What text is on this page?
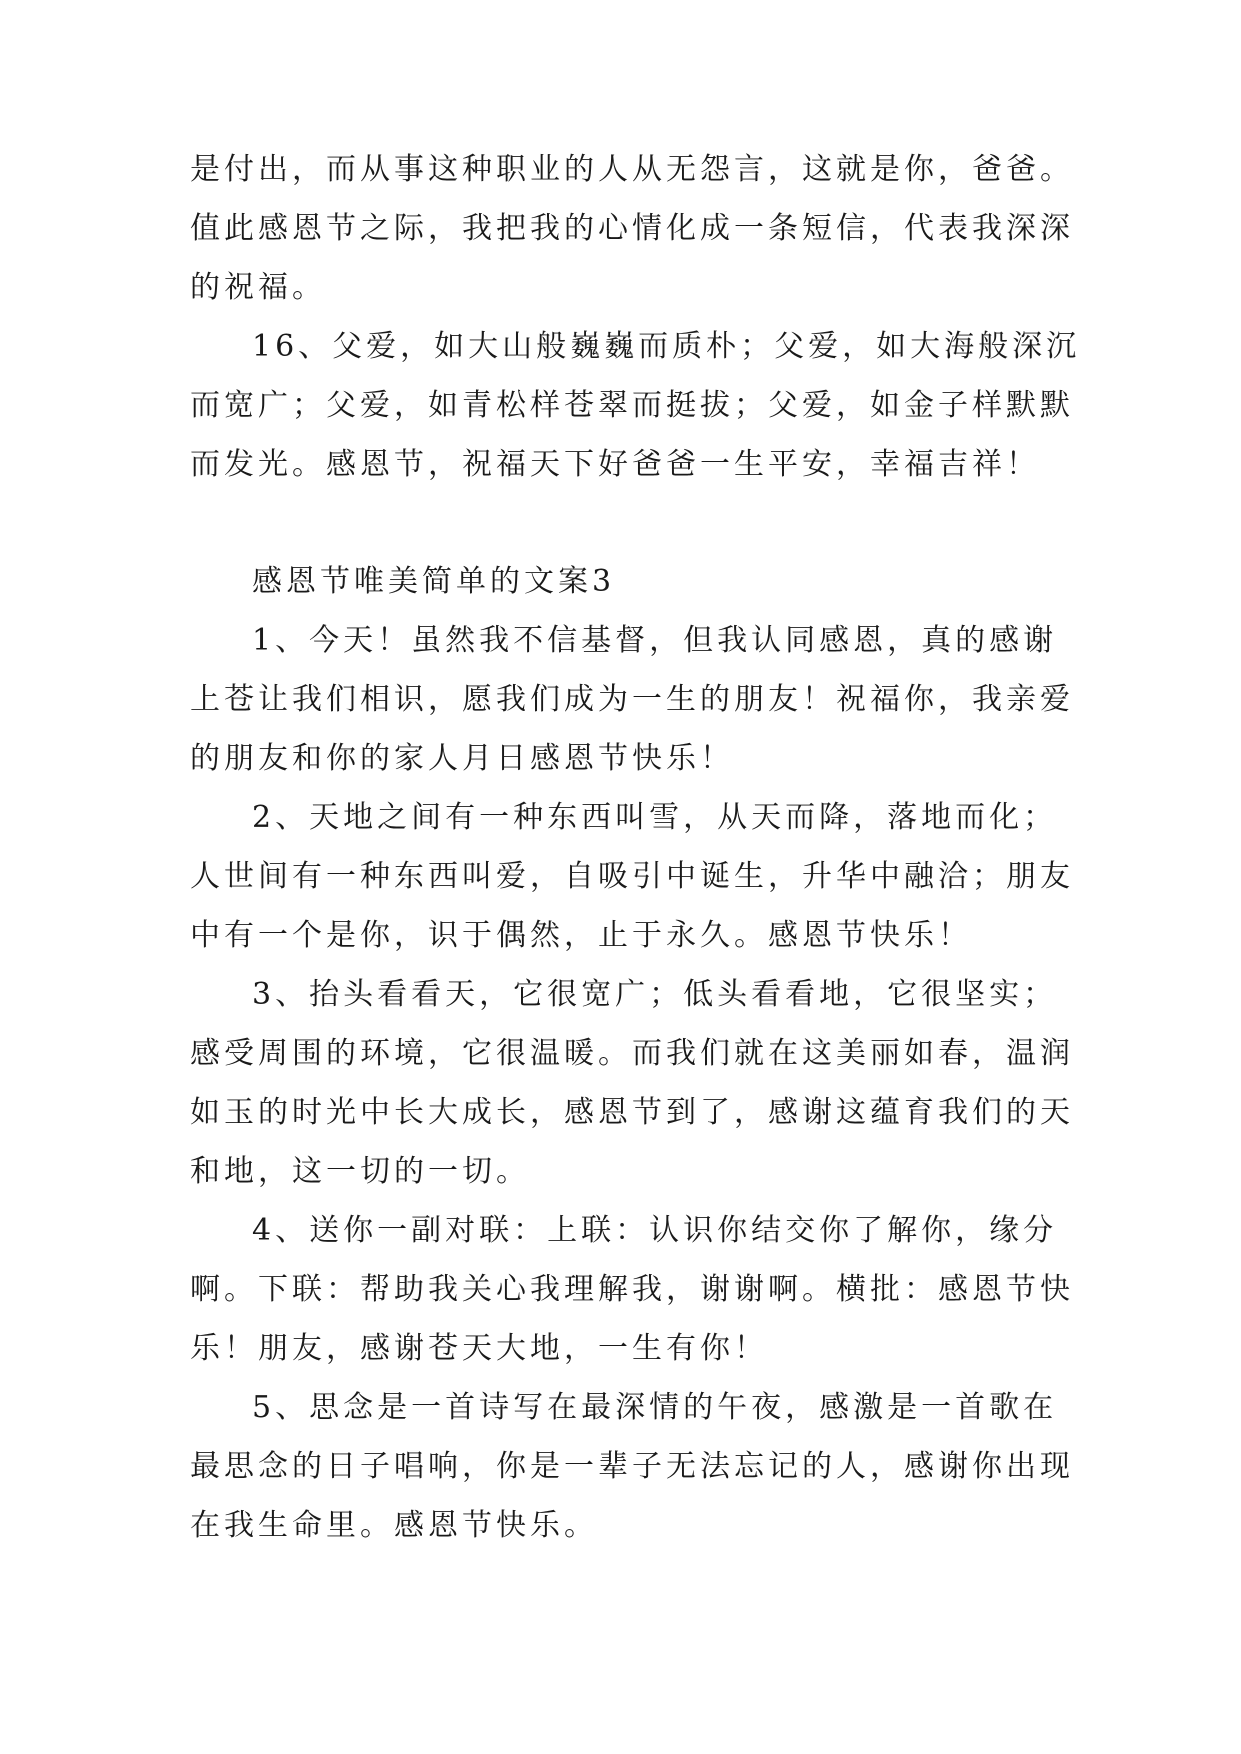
是付出，而从事这种职业的人从无怨言，这就是你，爸爸。
值此感恩节之际，我把我的心情化成一条短信，代表我深深
的祝福。
16、父爱，如大山般巍巍而质朴；父爱，如大海般深沉
而宽广；父爱，如青松样苍翠而挺拔；父爱，如金子样默默
而发光。感恩节，祝福天下好爸爸一生平安，幸福吉祥！
感恩节唯美简单的文案3
1、今天！虽然我不信基督，但我认同感恩，真的感谢
上苍让我们相识，愿我们成为一生的朋友！祝福你，我亲爱
的朋友和你的家人月日感恩节快乐！
2、天地之间有一种东西叫雪，从天而降，落地而化；
人世间有一种东西叫爱，自吸引中诞生，升华中融洽；朋友
中有一个是你，识于偶然，止于永久。感恩节快乐！
3、抬头看看天，它很宽广；低头看看地，它很坚实；
感受周围的环境，它很温暖。而我们就在这美丽如春，温润
如玉的时光中长大成长，感恩节到了，感谢这蕴育我们的天
和地，这一切的一切。
4、送你一副对联：上联：认识你结交你了解你，缘分
啊。下联：帮助我关心我理解我，谢谢啊。横批：感恩节快
乐！朋友，感谢苍天大地，一生有你！
5、思念是一首诗写在最深情的午夜，感激是一首歌在
最思念的日子唱响，你是一辈子无法忘记的人，感谢你出现
在我生命里。感恩节快乐。
